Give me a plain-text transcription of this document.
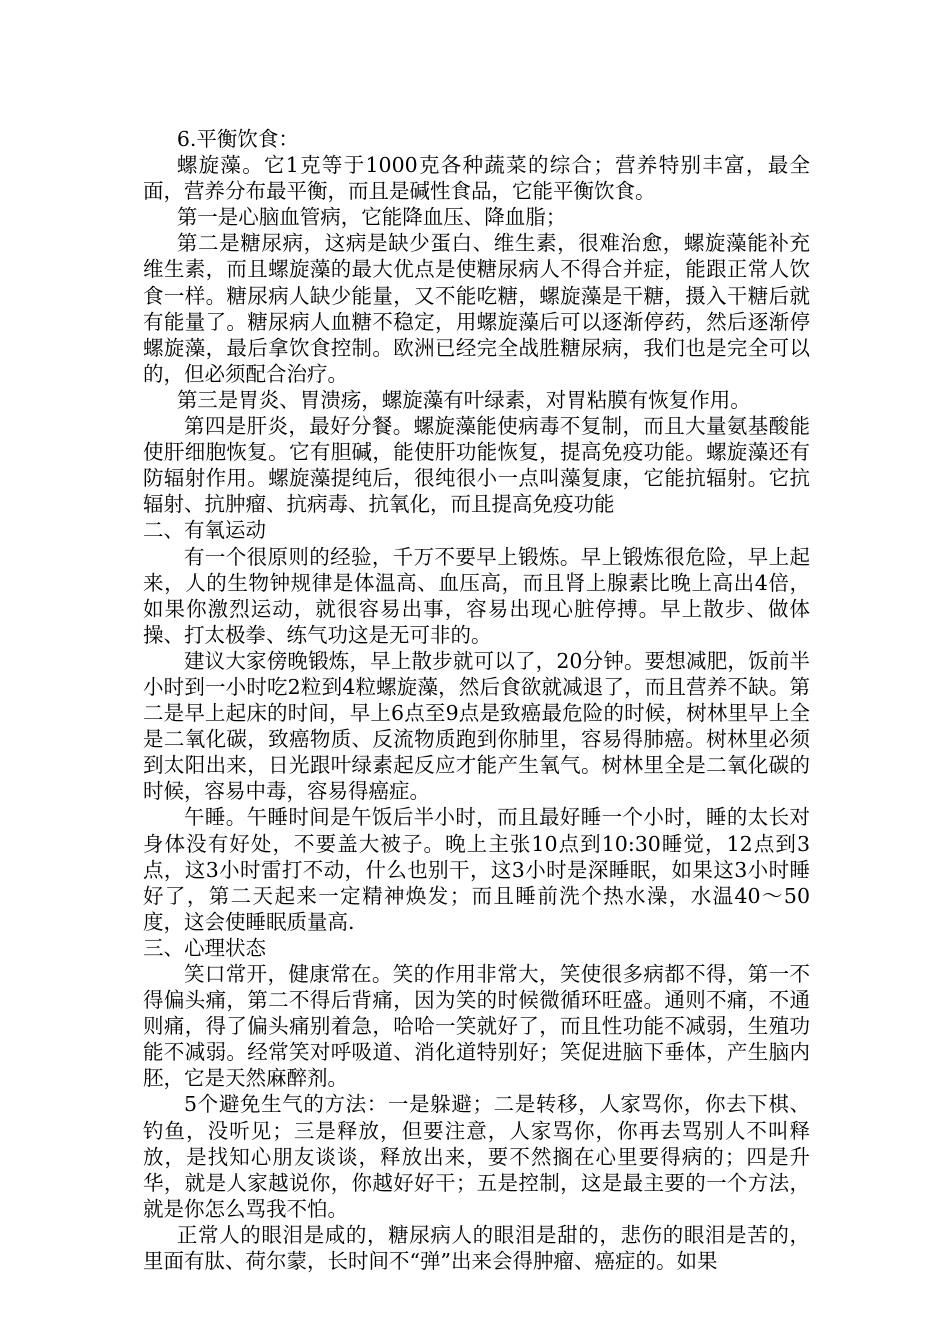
6.平衡饮食：

螺旋藻。它1克等于1000克各种蔬菜的综合；营养特别丰富，最全面，营养分布最平衡，而且是碱性食品，它能平衡饮食。

第一是心脑血管病，它能降血压、降血脂；

第二是糖尿病，这病是缺少蛋白、维生素，很难治愈，螺旋藻能补充维生素，而且螺旋藻的最大优点是使糖尿病人不得合并症，能跟正常人饮食一样。糖尿病人缺少能量，又不能吃糖，螺旋藻是干糖，摄入干糖后就有能量了。糖尿病人血糖不稳定，用螺旋藻后可以逐渐停药，然后逐渐停螺旋藻，最后拿饮食控制。欧洲已经完全战胜糖尿病，我们也是完全可以的，但必须配合治疗。

第三是胃炎、胃溃疡，螺旋藻有叶绿素，对胃粘膜有恢复作用。

第四是肝炎，最好分餐。螺旋藻能使病毒不复制，而且大量氨基酸能使肝细胞恢复。它有胆碱，能使肝功能恢复，提高免疫功能。螺旋藻还有防辐射作用。螺旋藻提纯后，很纯很小一点叫藻复康，它能抗辐射。它抗辐射、抗肿瘤、抗病毒、抗氧化，而且提高免疫功能

二、有氧运动

有一个很原则的经验，千万不要早上锻炼。早上锻炼很危险，早上起来，人的生物钟规律是体温高、血压高，而且肾上腺素比晚上高出4倍，如果你激烈运动，就很容易出事，容易出现心脏停搏。早上散步、做体操、打太极拳、练气功这是无可非的。

建议大家傍晚锻炼，早上散步就可以了，20分钟。要想减肥，饭前半小时到一小时吃2粒到4粒螺旋藻，然后食欲就减退了，而且营养不缺。第二是早上起床的时间，早上6点至9点是致癌最危险的时候，树林里早上全是二氧化碳，致癌物质、反流物质跑到你肺里，容易得肺癌。树林里必须到太阳出来，日光跟叶绿素起反应才能产生氧气。树林里全是二氧化碳的时候，容易中毒，容易得癌症。

午睡。午睡时间是午饭后半小时，而且最好睡一个小时，睡的太长对身体没有好处，不要盖大被子。晚上主张10点到10:30睡觉，12点到3点，这3小时雷打不动，什么也别干，这3小时是深睡眠，如果这3小时睡好了，第二天起来一定精神焕发；而且睡前洗个热水澡，水温40～50度，这会使睡眠质量高.

三、心理状态

笑口常开，健康常在。笑的作用非常大，笑使很多病都不得，第一不得偏头痛，第二不得后背痛，因为笑的时候微循环旺盛。通则不痛，不通则痛，得了偏头痛别着急，哈哈一笑就好了，而且性功能不减弱，生殖功能不减弱。经常笑对呼吸道、消化道特别好；笑促进脑下垂体，产生脑内胚，它是天然麻醉剂。

5个避免生气的方法：一是躲避；二是转移，人家骂你，你去下棋、钓鱼，没听见；三是释放，但要注意，人家骂你，你再去骂别人不叫释放，是找知心朋友谈谈，释放出来，要不然搁在心里要得病的；四是升华，就是人家越说你，你越好好干；五是控制，这是最主要的一个方法，就是你怎么骂我不怕。

正常人的眼泪是咸的，糖尿病人的眼泪是甜的，悲伤的眼泪是苦的，里面有肽、荷尔蒙，长时间不“弹”出来会得肿瘤、癌症的。如果
